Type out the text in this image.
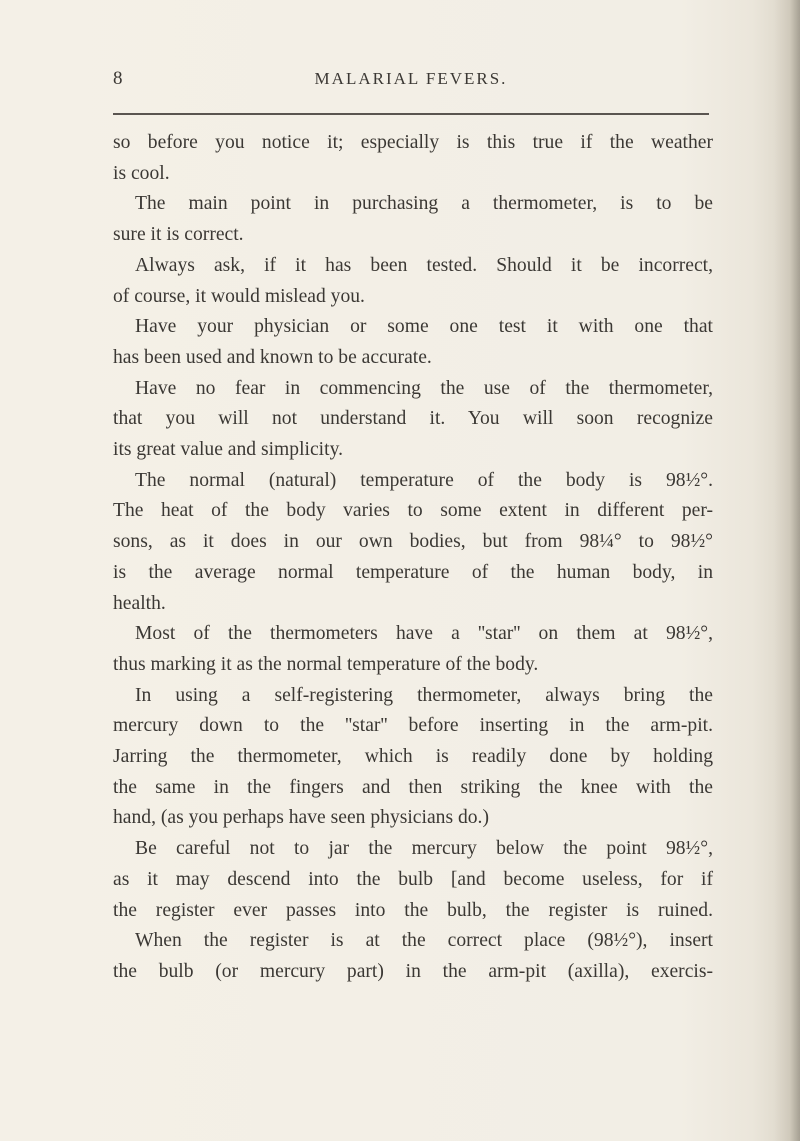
8	MALARIAL FEVERS.
so before you notice it; especially is this true if the weather
is cool.
The main point in purchasing a thermometer, is to be
sure it is correct.
Always ask, if it has been tested. Should it be incorrect,
of course, it would mislead you.
Have your physician or some one test it with one that
has been used and known to be accurate.
Have no fear in commencing the use of the thermometer,
that you will not understand it. You will soon recognize
its great value and simplicity.
The normal (natural) temperature of the body is 98½°.
The heat of the body varies to some extent in different per-
sons, as it does in our own bodies, but from 98¼° to 98½°
is the average normal temperature of the human body, in
health.
Most of the thermometers have a ''star'' on them at 98½°,
thus marking it as the normal temperature of the body.
In using a self-registering thermometer, always bring the
mercury down to the ''star'' before inserting in the arm-pit.
Jarring the thermometer, which is readily done by holding
the same in the fingers and then striking the knee with the
hand, (as you perhaps have seen physicians do.)
Be careful not to jar the mercury below the point 98½°,
as it may descend into the bulb [and become useless, for if
the register ever passes into the bulb, the register is ruined.
When the register is at the correct place (98½°), insert
the bulb (or mercury part) in the arm-pit (axilla), exercis-
